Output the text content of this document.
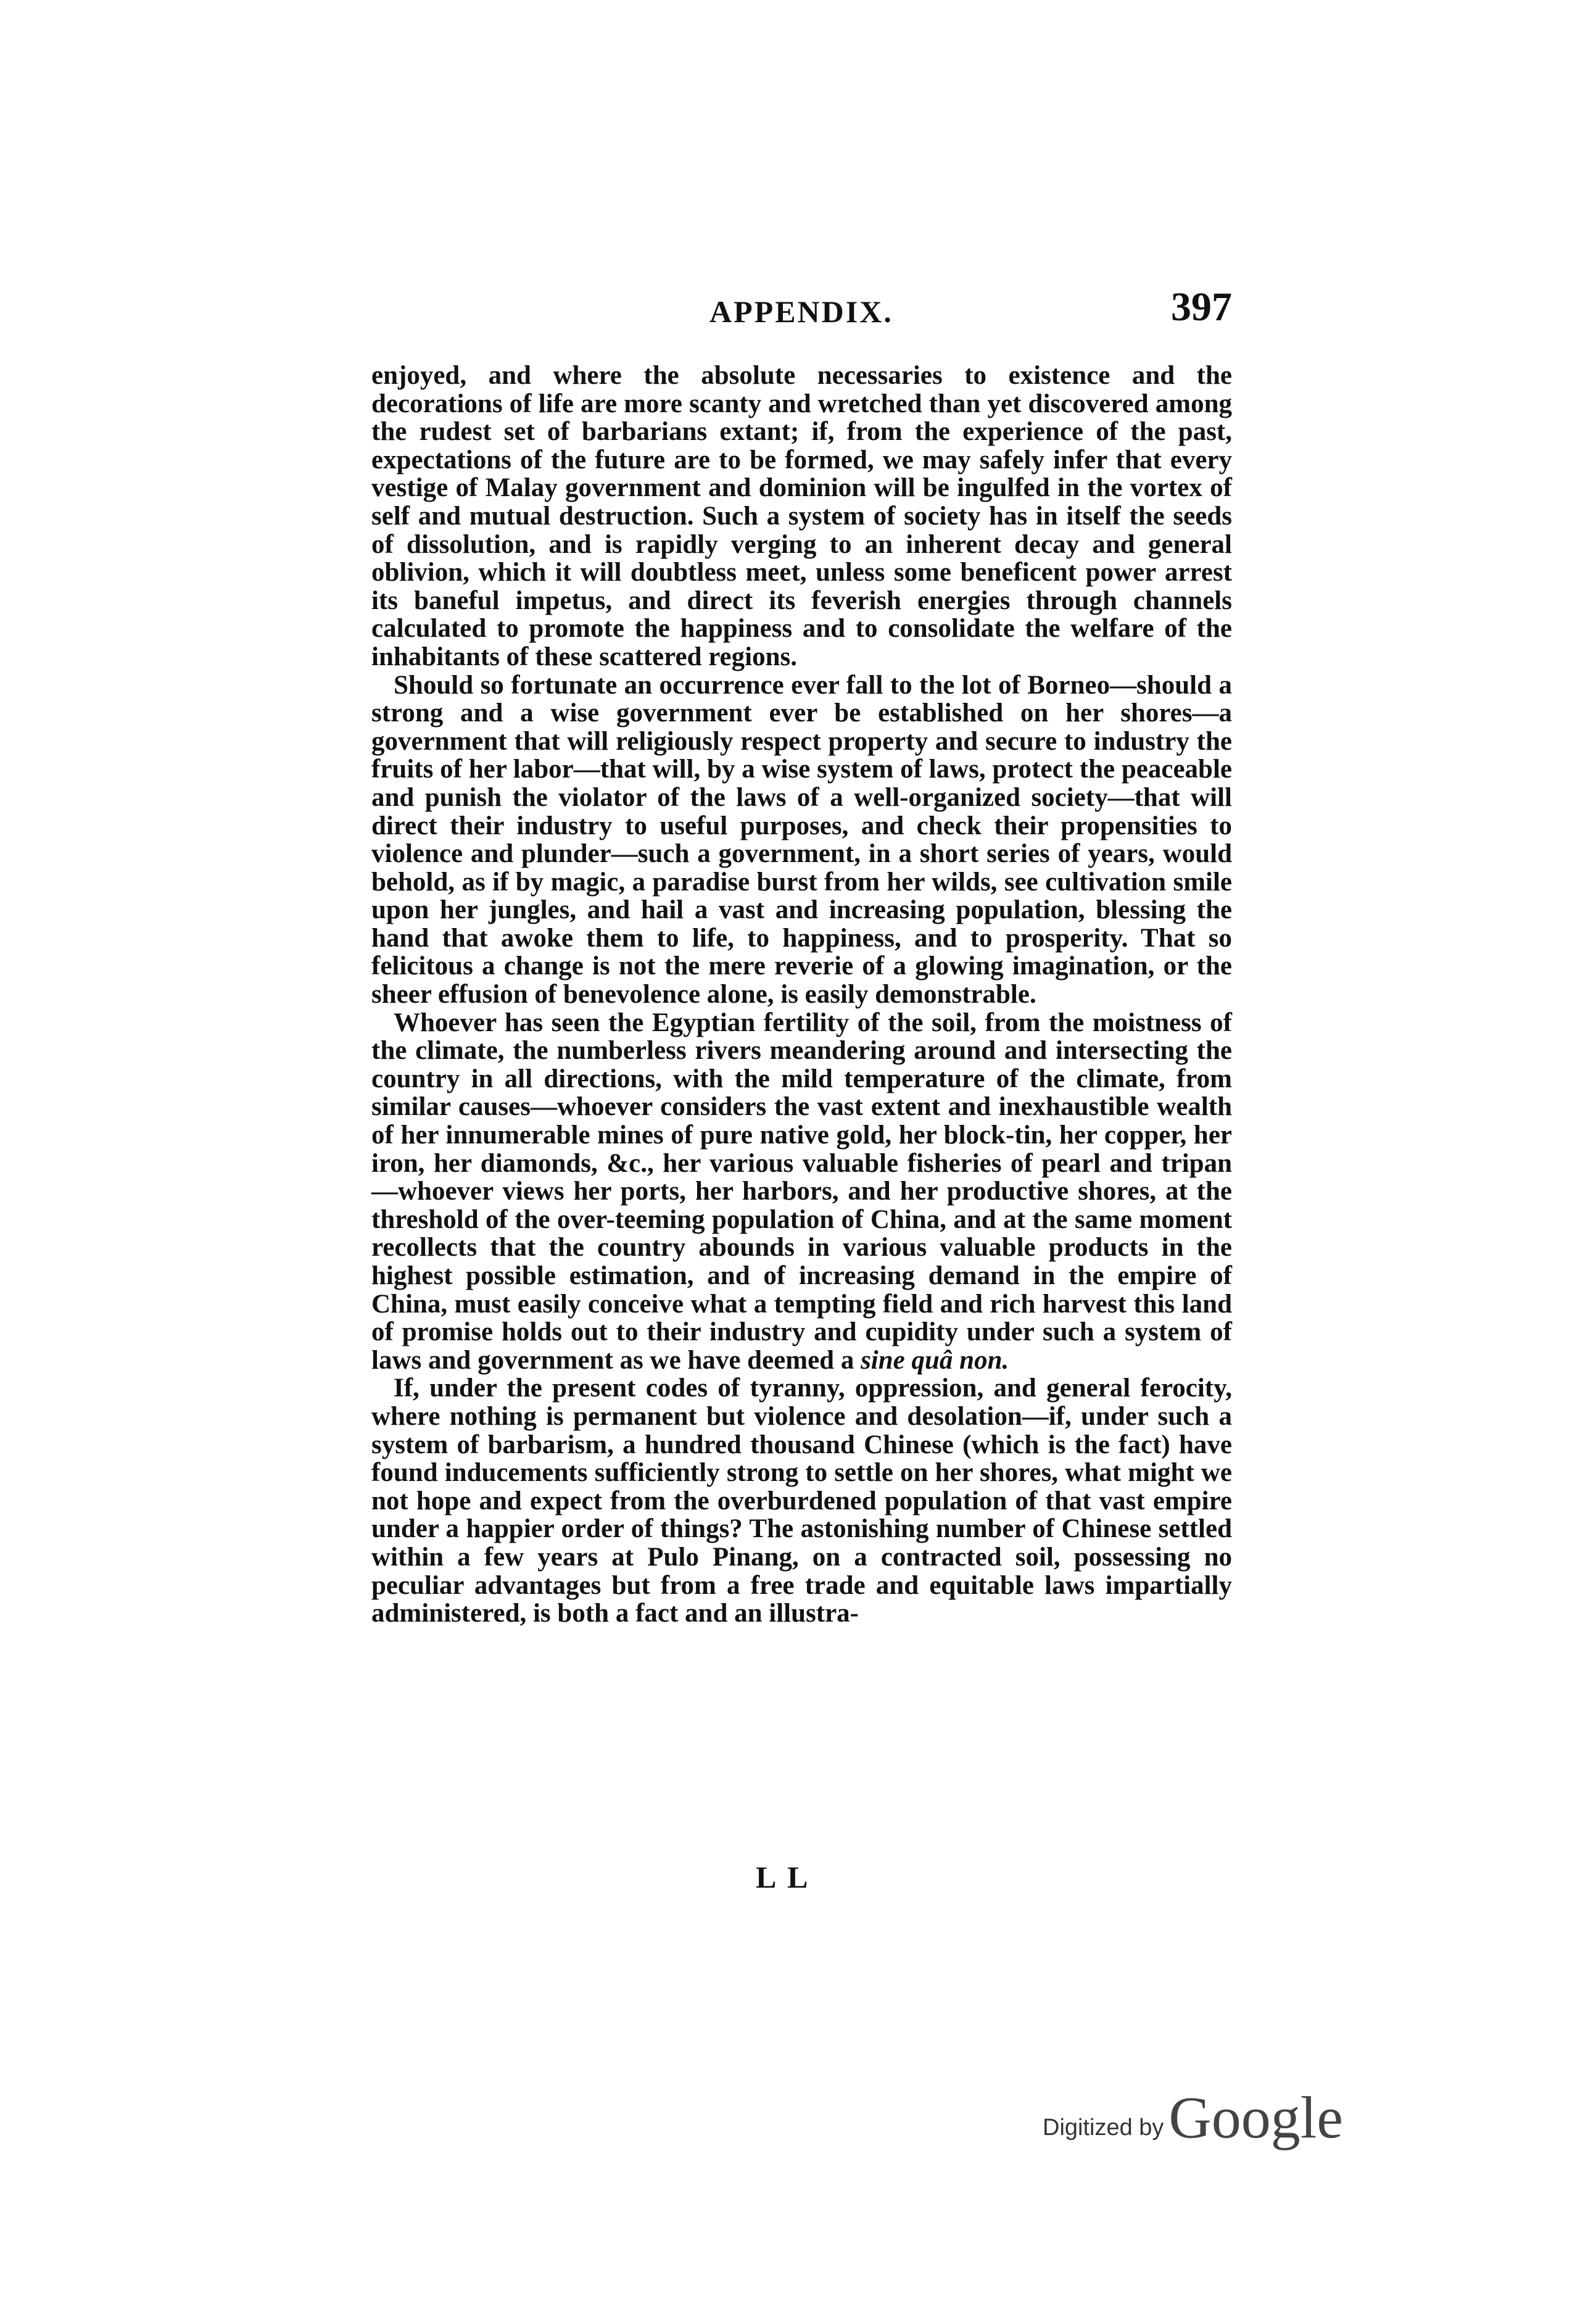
APPENDIX.	397

enjoyed, and where the absolute necessaries to existence and the decorations of life are more scanty and wretched than yet discovered among the rudest set of barbarians extant; if, from the experience of the past, expectations of the future are to be formed, we may safely infer that every vestige of Malay government and dominion will be ingulfed in the vortex of self and mutual destruction. Such a system of society has in itself the seeds of dissolution, and is rapidly verging to an inherent decay and general oblivion, which it will doubtless meet, unless some beneficent power arrest its baneful impetus, and direct its feverish energies through channels calculated to promote the happiness and to consolidate the welfare of the inhabitants of these scattered regions.

Should so fortunate an occurrence ever fall to the lot of Borneo—should a strong and a wise government ever be established on her shores—a government that will religiously respect property and secure to industry the fruits of her labor—that will, by a wise system of laws, protect the peaceable and punish the violator of the laws of a well-organized society—that will direct their industry to useful purposes, and check their propensities to violence and plunder—such a government, in a short series of years, would behold, as if by magic, a paradise burst from her wilds, see cultivation smile upon her jungles, and hail a vast and increasing population, blessing the hand that awoke them to life, to happiness, and to prosperity. That so felicitous a change is not the mere reverie of a glowing imagination, or the sheer effusion of benevolence alone, is easily demonstrable.

Whoever has seen the Egyptian fertility of the soil, from the moistness of the climate, the numberless rivers meandering around and intersecting the country in all directions, with the mild temperature of the climate, from similar causes—whoever considers the vast extent and inexhaustible wealth of her innumerable mines of pure native gold, her block-tin, her copper, her iron, her diamonds, &c., her various valuable fisheries of pearl and tripan—whoever views her ports, her harbors, and her productive shores, at the threshold of the over-teeming population of China, and at the same moment recollects that the country abounds in various valuable products in the highest possible estimation, and of increasing demand in the empire of China, must easily conceive what a tempting field and rich harvest this land of promise holds out to their industry and cupidity under such a system of laws and government as we have deemed a sine quâ non.

If, under the present codes of tyranny, oppression, and general ferocity, where nothing is permanent but violence and desolation—if, under such a system of barbarism, a hundred thousand Chinese (which is the fact) have found inducements sufficiently strong to settle on her shores, what might we not hope and expect from the overburdened population of that vast empire under a happier order of things? The astonishing number of Chinese settled within a few years at Pulo Pinang, on a contracted soil, possessing no peculiar advantages but from a free trade and equitable laws impartially administered, is both a fact and an illustra-

L L
Digitized by Google
